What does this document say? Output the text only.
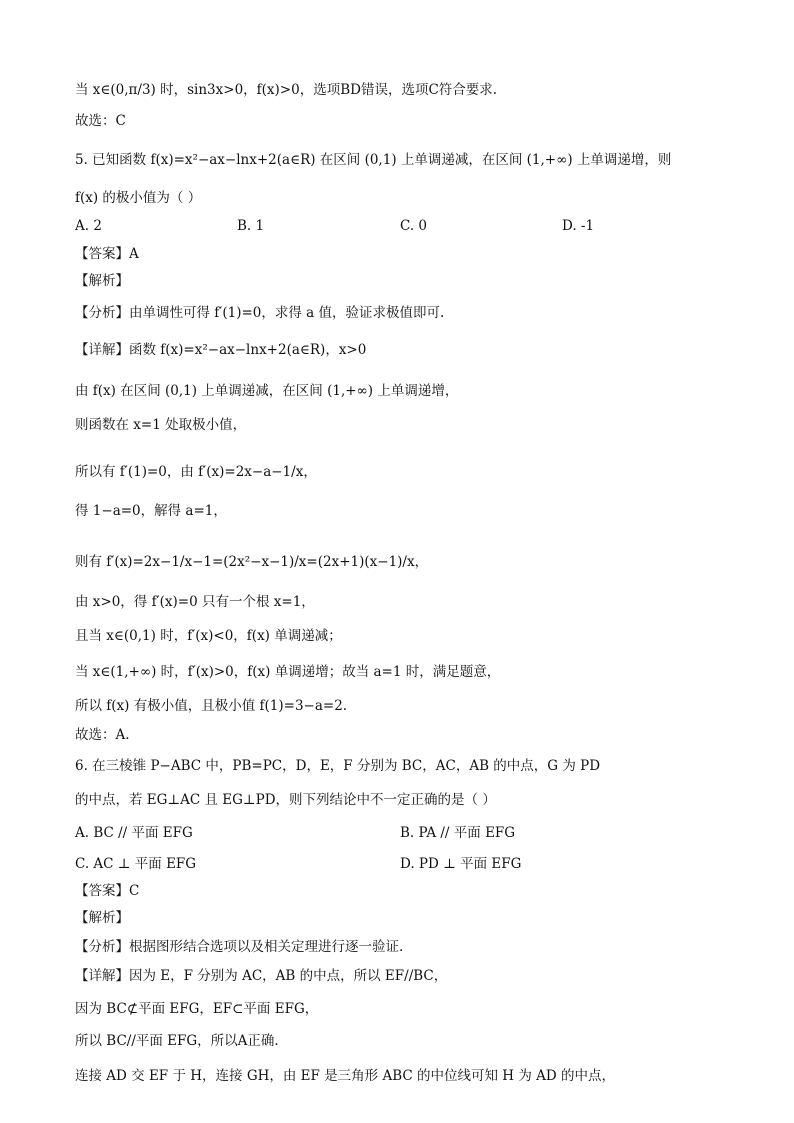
当 x∈(0,π/3) 时，sin3x>0，f(x)>0，选项BD错误，选项C符合要求.
故选：C
5. 已知函数 f(x)=x²−ax−lnx+2(a∈R) 在区间 (0,1) 上单调递减，在区间 (1,+∞) 上单调递增，则
f(x) 的极小值为（ ）
A. 2	B. 1	C. 0	D. -1
【答案】A
【解析】
【分析】由单调性可得 f′(1)=0，求得 a 值，验证求极值即可.
【详解】函数 f(x)=x²−ax−lnx+2(a∈R)，x>0
由 f(x) 在区间 (0,1) 上单调递减，在区间 (1,+∞) 上单调递增，
则函数在 x=1 处取极小值，
所以有 f′(1)=0，由 f′(x)=2x−a−1/x，
得 1−a=0，解得 a=1，
则有 f′(x)=2x−1/x−1=(2x²−x−1)/x=(2x+1)(x−1)/x，
由 x>0，得 f′(x)=0 只有一个根 x=1，
且当 x∈(0,1) 时，f′(x)<0，f(x) 单调递减；
当 x∈(1,+∞) 时，f′(x)>0，f(x) 单调递增；故当 a=1 时，满足题意，
所以 f(x) 有极小值，且极小值 f(1)=3−a=2.
故选：A.
6. 在三棱锥 P−ABC 中，PB=PC，D，E，F 分别为 BC，AC，AB 的中点，G 为 PD
的中点，若 EG⊥AC 且 EG⊥PD，则下列结论中不一定正确的是（ ）
A. BC // 平面 EFG	B. PA // 平面 EFG
C. AC ⊥ 平面 EFG	D. PD ⊥ 平面 EFG
【答案】C
【解析】
【分析】根据图形结合选项以及相关定理进行逐一验证.
【详解】因为 E，F 分别为 AC，AB 的中点，所以 EF//BC，
因为 BC⊄平面 EFG，EF⊂平面 EFG，
所以 BC//平面 EFG，所以A正确.
连接 AD 交 EF 于 H，连接 GH，由 EF 是三角形 ABC 的中位线可知 H 为 AD 的中点，
